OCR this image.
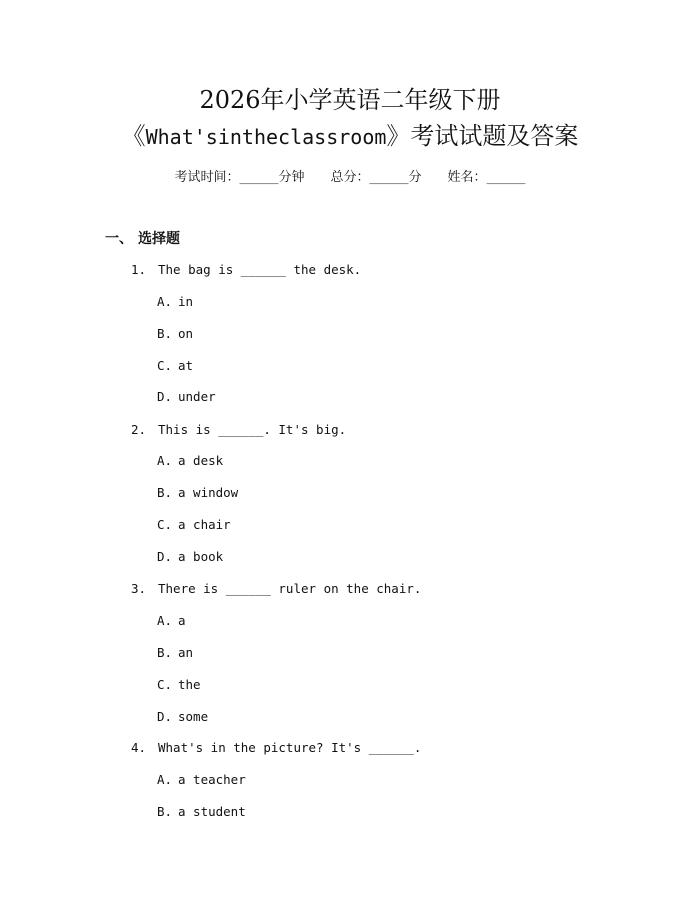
2026年小学英语二年级下册
《What'sintheclassroom》考试试题及答案
考试时间：______分钟 总分：______分 姓名：______
一、 选择题
1. The bag is ______ the desk.
A. in
B. on
C. at
D. under
2. This is ______. It's big.
A. a desk
B. a window
C. a chair
D. a book
3. There is ______ ruler on the chair.
A. a
B. an
C. the
D. some
4. What's in the picture? It's ______.
A. a teacher
B. a student
